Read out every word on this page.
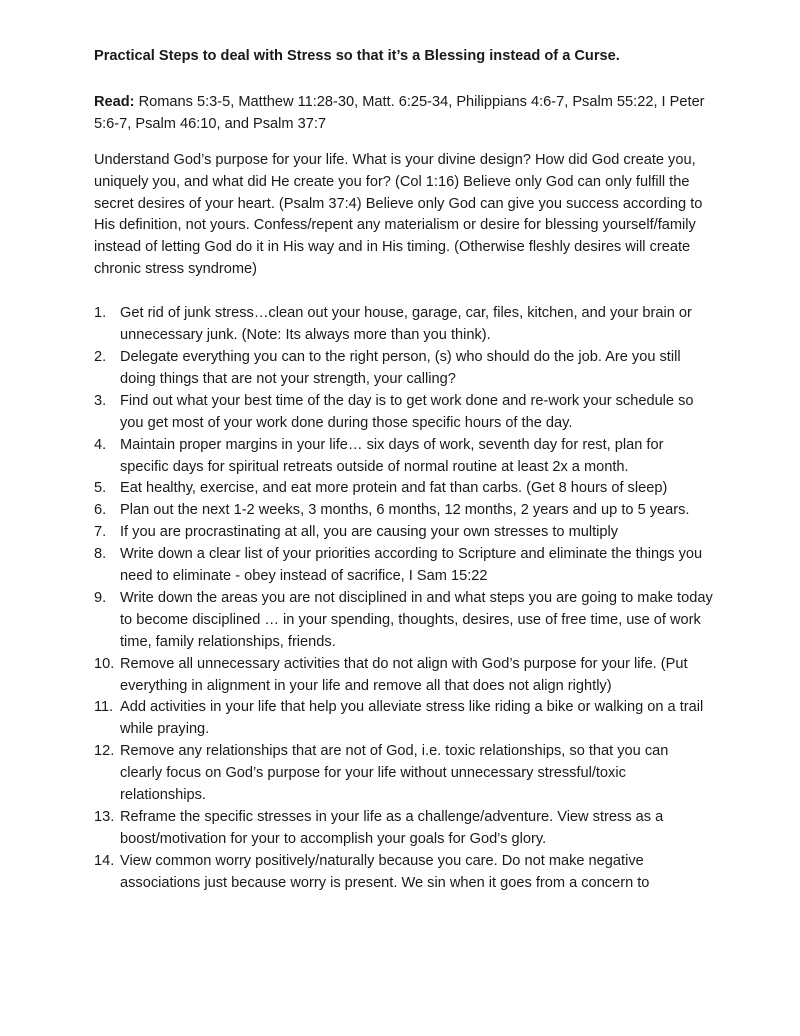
Practical Steps to deal with Stress so that it’s a Blessing instead of a Curse.

Read: Romans 5:3-5, Matthew 11:28-30, Matt. 6:25-34, Philippians 4:6-7, Psalm 55:22, I Peter 5:6-7, Psalm 46:10, and Psalm 37:7
Understand God’s purpose for your life. What is your divine design? How did God create you, uniquely you, and what did He create you for? (Col 1:16) Believe only God can only fulfill the secret desires of your heart. (Psalm 37:4) Believe only God can give you success according to His definition, not yours. Confess/repent any materialism or desire for blessing yourself/family instead of letting God do it in His way and in His timing. (Otherwise fleshly desires will create chronic stress syndrome)
1. Get rid of junk stress…clean out your house, garage, car, files, kitchen, and your brain or unnecessary junk. (Note: Its always more than you think).
2. Delegate everything you can to the right person, (s) who should do the job. Are you still doing things that are not your strength, your calling?
3. Find out what your best time of the day is to get work done and re-work your schedule so you get most of your work done during those specific hours of the day.
4. Maintain proper margins in your life… six days of work, seventh day for rest, plan for specific days for spiritual retreats outside of normal routine at least 2x a month.
5. Eat healthy, exercise, and eat more protein and fat than carbs. (Get 8 hours of sleep)
6. Plan out the next 1-2 weeks, 3 months, 6 months, 12 months, 2 years and up to 5 years.
7. If you are procrastinating at all, you are causing your own stresses to multiply
8. Write down a clear list of your priorities according to Scripture and eliminate the things you need to eliminate - obey instead of sacrifice, I Sam 15:22
9. Write down the areas you are not disciplined in and what steps you are going to make today to become disciplined … in your spending, thoughts, desires, use of free time, use of work time, family relationships, friends.
10. Remove all unnecessary activities that do not align with God’s purpose for your life. (Put everything in alignment in your life and remove all that does not align rightly)
11. Add activities in your life that help you alleviate stress like riding a bike or walking on a trail while praying.
12. Remove any relationships that are not of God, i.e. toxic relationships, so that you can clearly focus on God’s purpose for your life without unnecessary stressful/toxic relationships.
13. Reframe the specific stresses in your life as a challenge/adventure. View stress as a boost/motivation for your to accomplish your goals for God’s glory.
14. View common worry positively/naturally because you care. Do not make negative associations just because worry is present. We sin when it goes from a concern to
